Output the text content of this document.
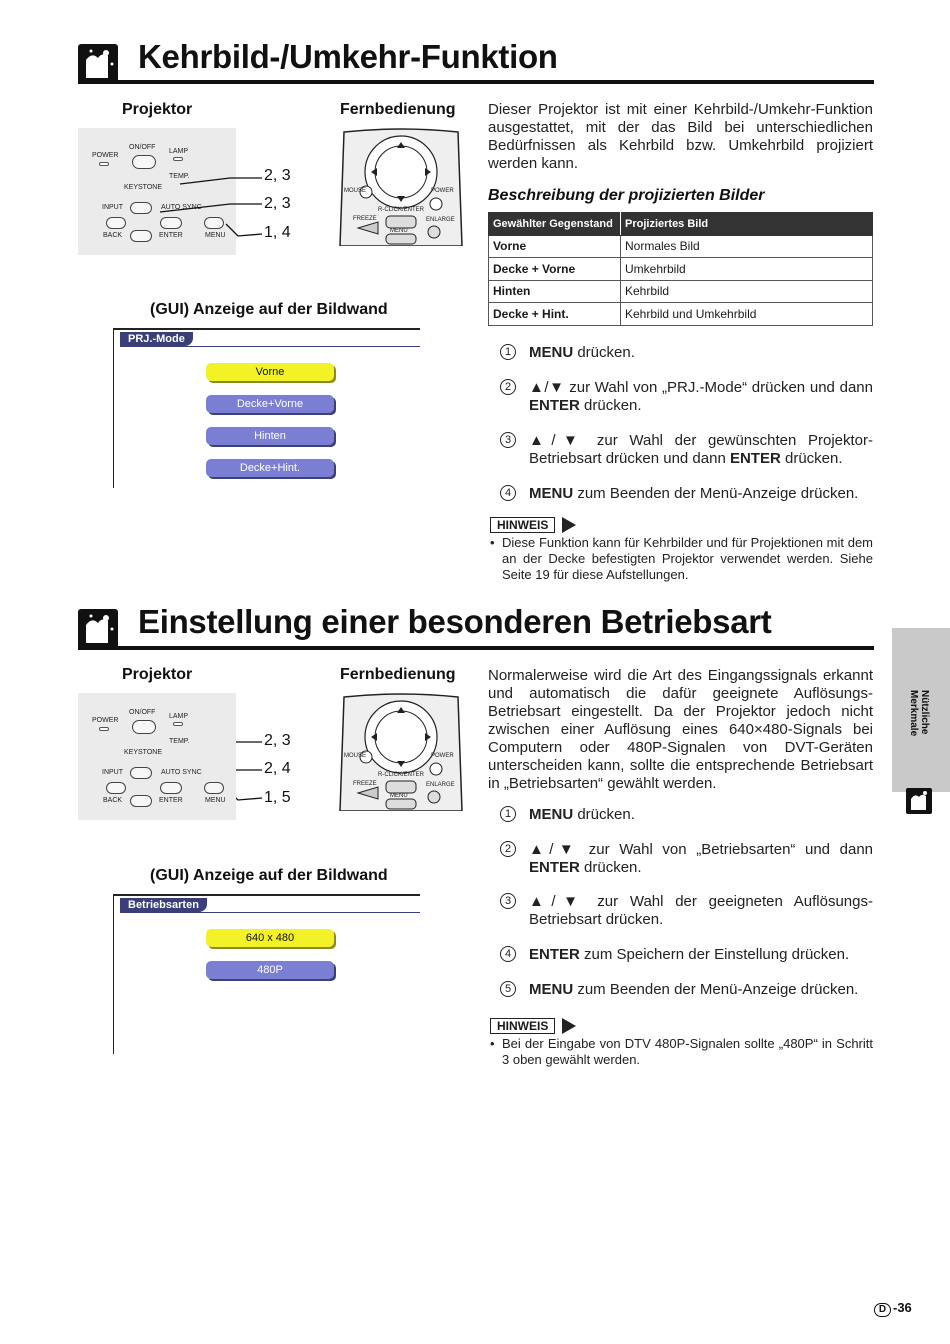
Kehrbild-/Umkehr-Funktion
Projektor	Fernbedienung
POWER
ON/OFF
LAMP
TEMP.
KEYSTONE
INPUT	AUTO SYNC
BACK	ENTER	MENU
MOUSE	POWER
R-CLICK/ENTER
FREEZE	ENLARGE
MENU
2, 3
2, 3
1, 4
(GUI) Anzeige auf der Bildwand
PRJ.-Mode
Vorne
Decke+Vorne
Hinten
Decke+Hint.
Dieser Projektor ist mit einer Kehrbild-/Umkehr-Funktion ausgestattet, mit der das Bild bei unterschiedlichen Bedürfnissen als Kehrbild bzw. Umkehrbild projiziert werden kann.
Beschreibung der projizierten Bilder
Gewählter Gegenstand	Projiziertes Bild
Vorne	Normales Bild
Decke + Vorne	Umkehrbild
Hinten	Kehrbild
Decke + Hint.	Kehrbild und Umkehrbild
1	MENU drücken.
2	▲/▼ zur Wahl von „PRJ.-Mode“ drücken und dann ENTER drücken.
3	▲/▼ zur Wahl der gewünschten Projektor-Betriebsart drücken und dann ENTER drücken.
4	MENU zum Beenden der Menü-Anzeige drücken.
HINWEIS
• Diese Funktion kann für Kehrbilder und für Projektionen mit dem an der Decke befestigten Projektor verwendet werden. Siehe Seite 19 für diese Aufstellungen.
Einstellung einer besonderen Betriebsart
Projektor	Fernbedienung
POWER
ON/OFF
LAMP
TEMP.
KEYSTONE
INPUT	AUTO SYNC
BACK	ENTER	MENU
MOUSE	POWER
R-CLICK/ENTER
FREEZE	ENLARGE
MENU
2, 3
2, 4
1, 5
(GUI) Anzeige auf der Bildwand
Betriebsarten
640 x 480
480P
Normalerweise wird die Art des Eingangssignals erkannt und automatisch die dafür geeignete Auflösungs-Betriebsart eingestellt. Da der Projektor jedoch nicht zwischen einer Auflösung eines 640×480-Signals bei Computern oder 480P-Signalen von DVT-Geräten unterscheiden kann, sollte die entsprechende Betriebsart in „Betriebsarten“ gewählt werden.
1	MENU drücken.
2	▲/▼ zur Wahl von „Betriebsarten“ und dann ENTER drücken.
3	▲/▼ zur Wahl der geeigneten Auflösungs-Betriebsart drücken.
4	ENTER zum Speichern der Einstellung drücken.
5	MENU zum Beenden der Menü-Anzeige drücken.
HINWEIS
• Bei der Eingabe von DTV 480P-Signalen sollte „480P“ in Schritt 3 oben gewählt werden.
Nützliche
Merkmale
D -36
